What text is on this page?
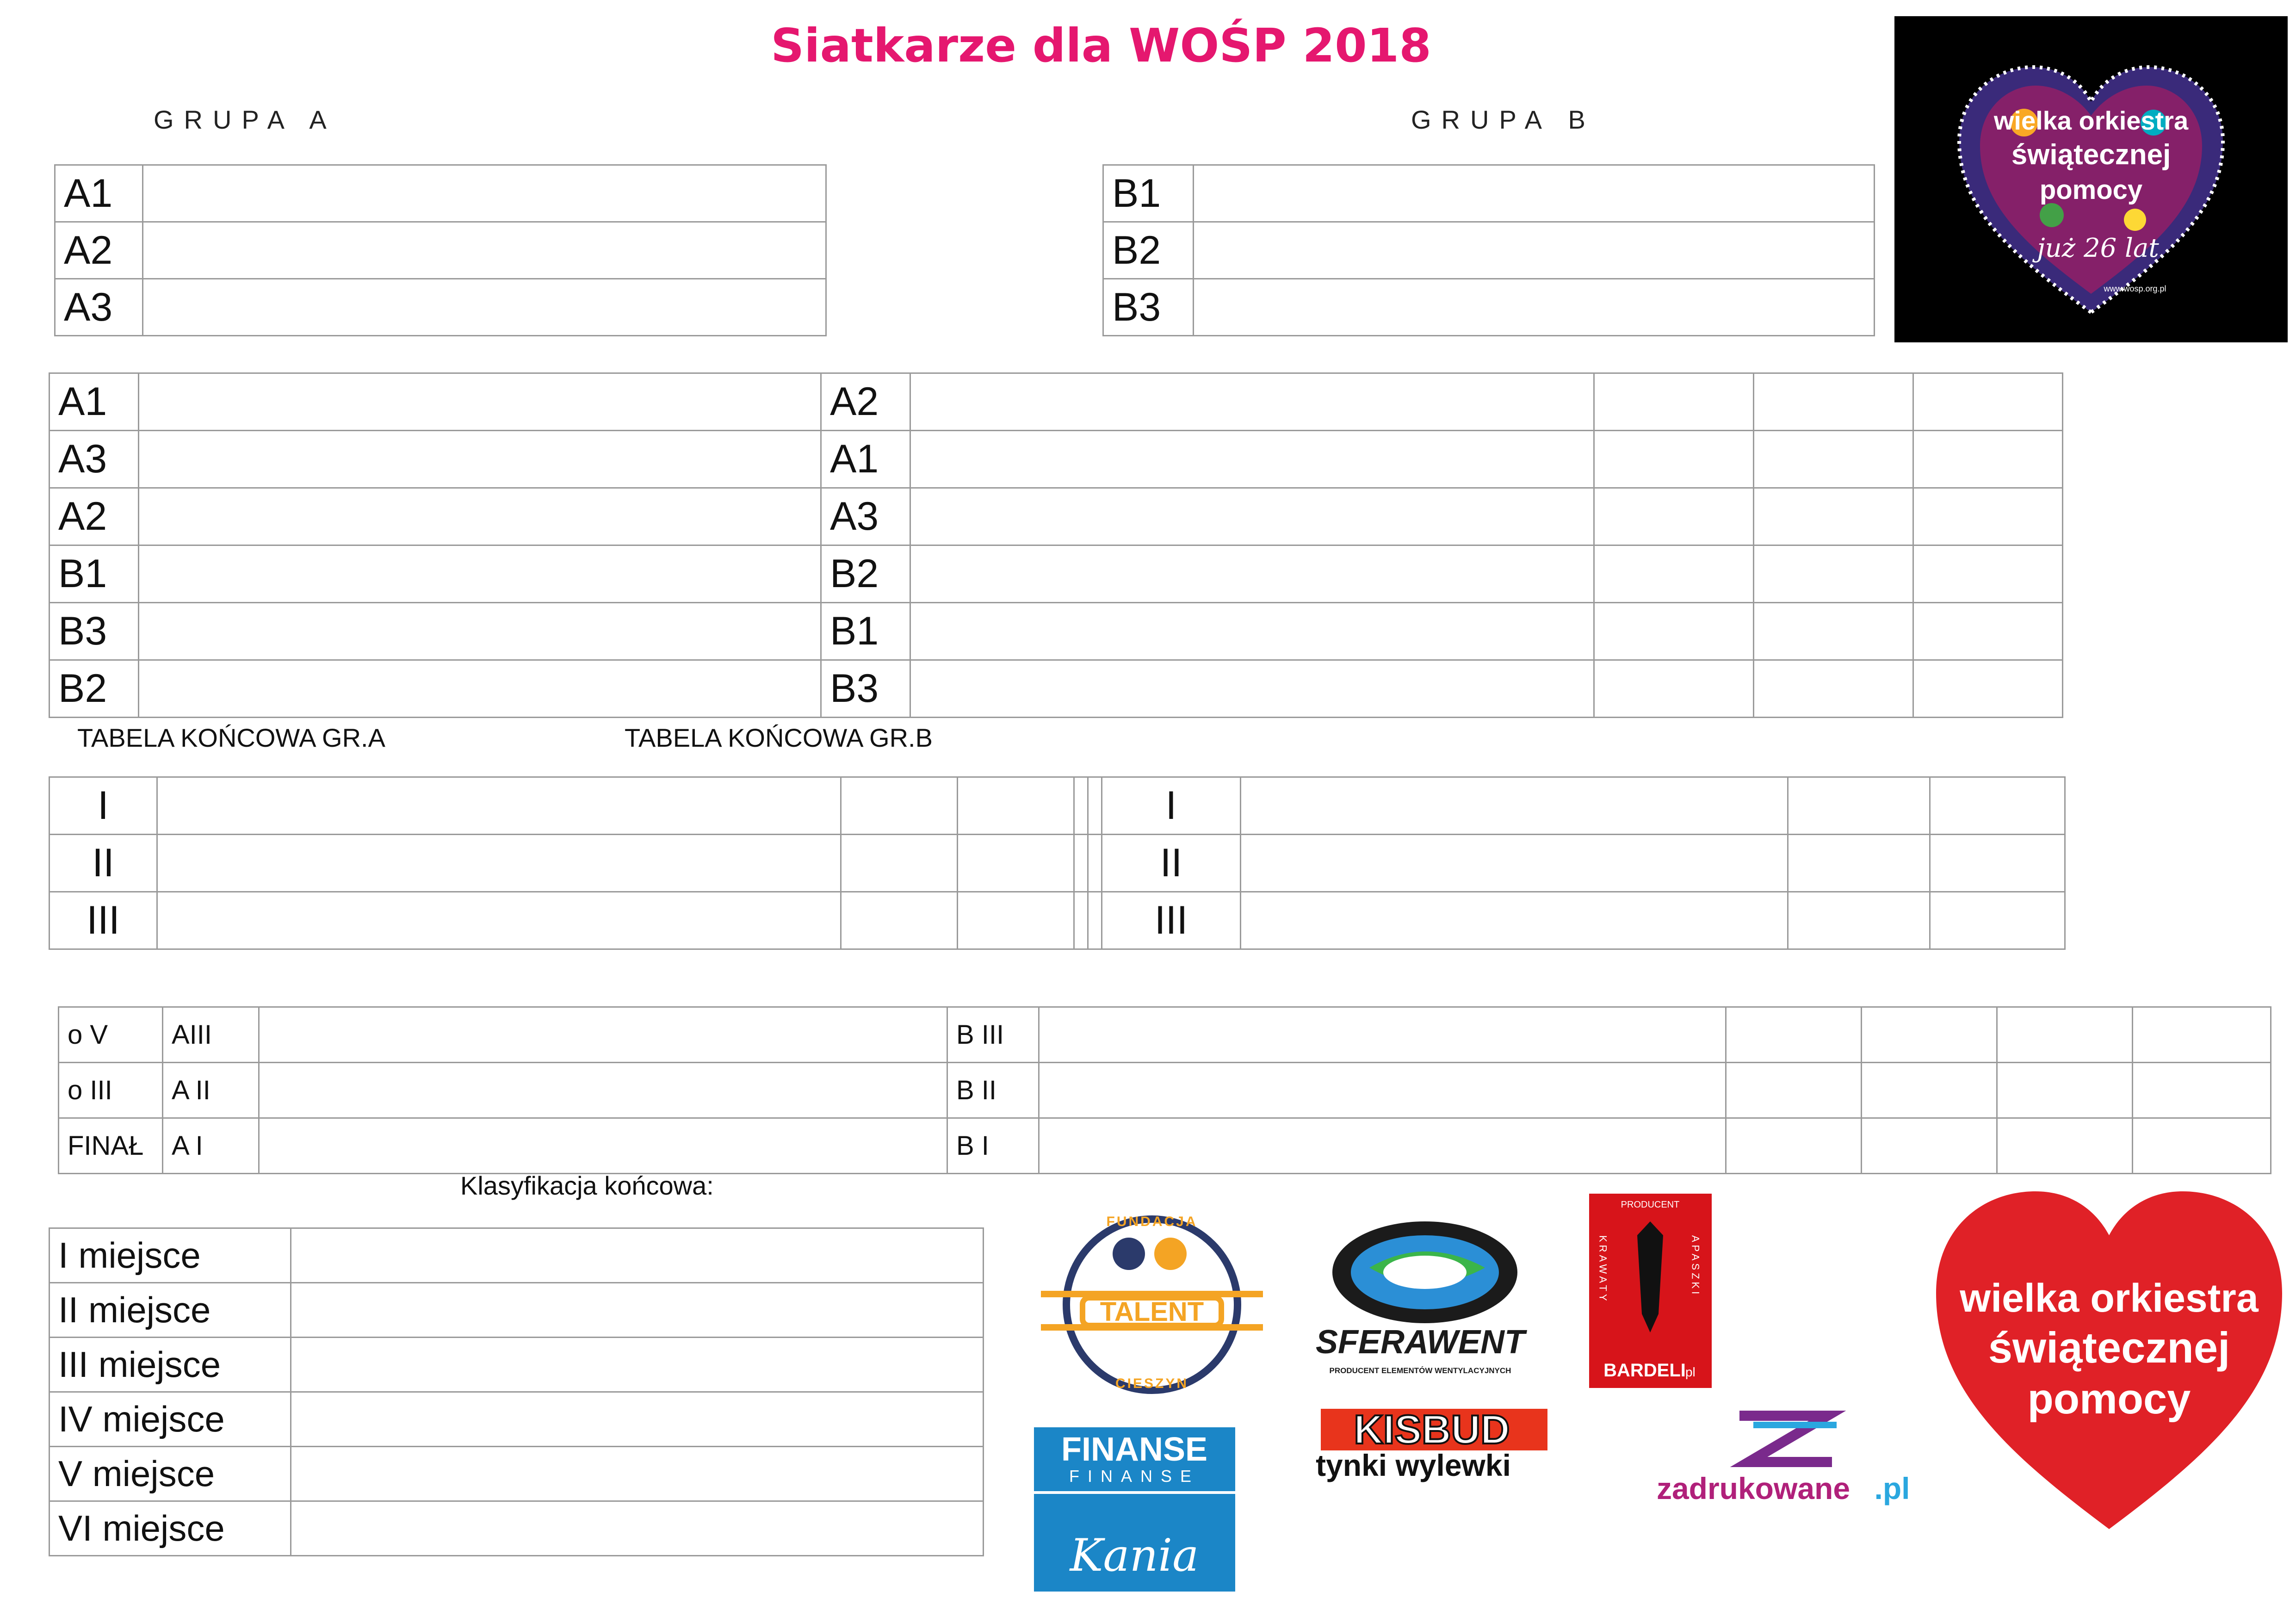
Siatkarze dla WOŚP 2018
GRUPA A	GRUPA B
A1	
A2	
A3	
B1	
B2	
B3	
A1		A2				
A3		A1				
A2		A3				
B1		B2				
B3		B1				
B2		B3				
TABELA KOŃCOWA GR.A	TABELA KOŃCOWA GR.B
I						I			
II						II			
III						III			
o V	AIII		B III					
o III	A II		B II					
FINAŁ	A I		B I					
Klasyfikacja końcowa:
I miejsce	
II miejsce	
III miejsce	
IV miejsce	
V miejsce	
VI miejsce	
wielka orkiestra
świątecznej
pomocy
już 26 lat
www.wosp.org.pl
wielka orkiestra
świątecznej
pomocy
TALENT
FUNDACJA
CIESZYN
SFERAWENT
PRODUCENT ELEMENTÓW WENTYLACYJNYCH
PRODUCENT
KRAWATY	APASZKI
BARDELI
.pl
FINANSE
FINANSE
Kania
KISBUD
tynki wylewki
zadrukowane .pl
